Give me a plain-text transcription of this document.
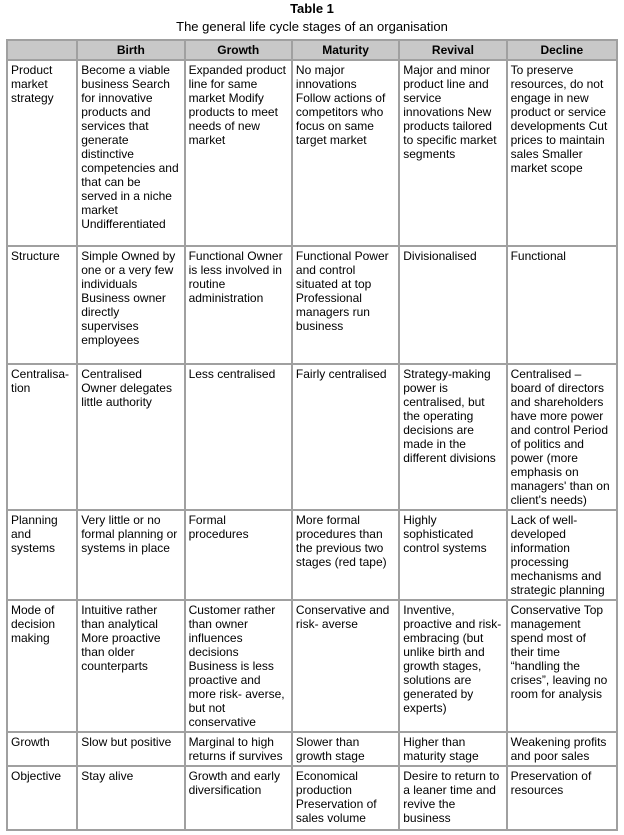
Table 1
The general life cycle stages of an organisation
	Birth	Growth	Maturity	Revival	Decline
Product market strategy	Become a viable business Search for innovative products and services that generate distinctive competencies and that can be served in a niche market Undifferentiated	Expanded product line for same market Modify products to meet needs of new market	No major innovations Follow actions of competitors who focus on same target market	Major and minor product line and service innovations New products tailored to specific market segments	To preserve resources, do not engage in new product or service developments Cut prices to maintain sales Smaller market scope
Structure	Simple Owned by one or a very few individuals Business owner directly supervises employees	Functional Owner is less involved in routine administration	Functional Power and control situated at top Professional managers run business	Divisionalised	Functional
Centralisa- tion	Centralised Owner delegates little authority	Less centralised	Fairly centralised	Strategy-making power is centralised, but the operating decisions are made in the different divisions	Centralised – board of directors and shareholders have more power and control Period of politics and power (more emphasis on managers' than on client's needs)
Planning and systems	Very little or no formal planning or systems in place	Formal procedures	More formal procedures than the previous two stages (red tape)	Highly sophisticated control systems	Lack of well-developed information processing mechanisms and strategic planning
Mode of decision making	Intuitive rather than analytical More proactive than older counterparts	Customer rather than owner influences decisions Business is less proactive and more risk- averse, but not conservative	Conservative and risk- averse	Inventive, proactive and risk-embracing (but unlike birth and growth stages, solutions are generated by experts)	Conservative Top management spend most of their time “handling the crises”, leaving no room for analysis
Growth	Slow but positive	Marginal to high returns if survives	Slower than growth stage	Higher than maturity stage	Weakening profits and poor sales
Objective	Stay alive	Growth and early diversification	Economical production Preservation of sales volume	Desire to return to a leaner time and revive the business	Preservation of resources
